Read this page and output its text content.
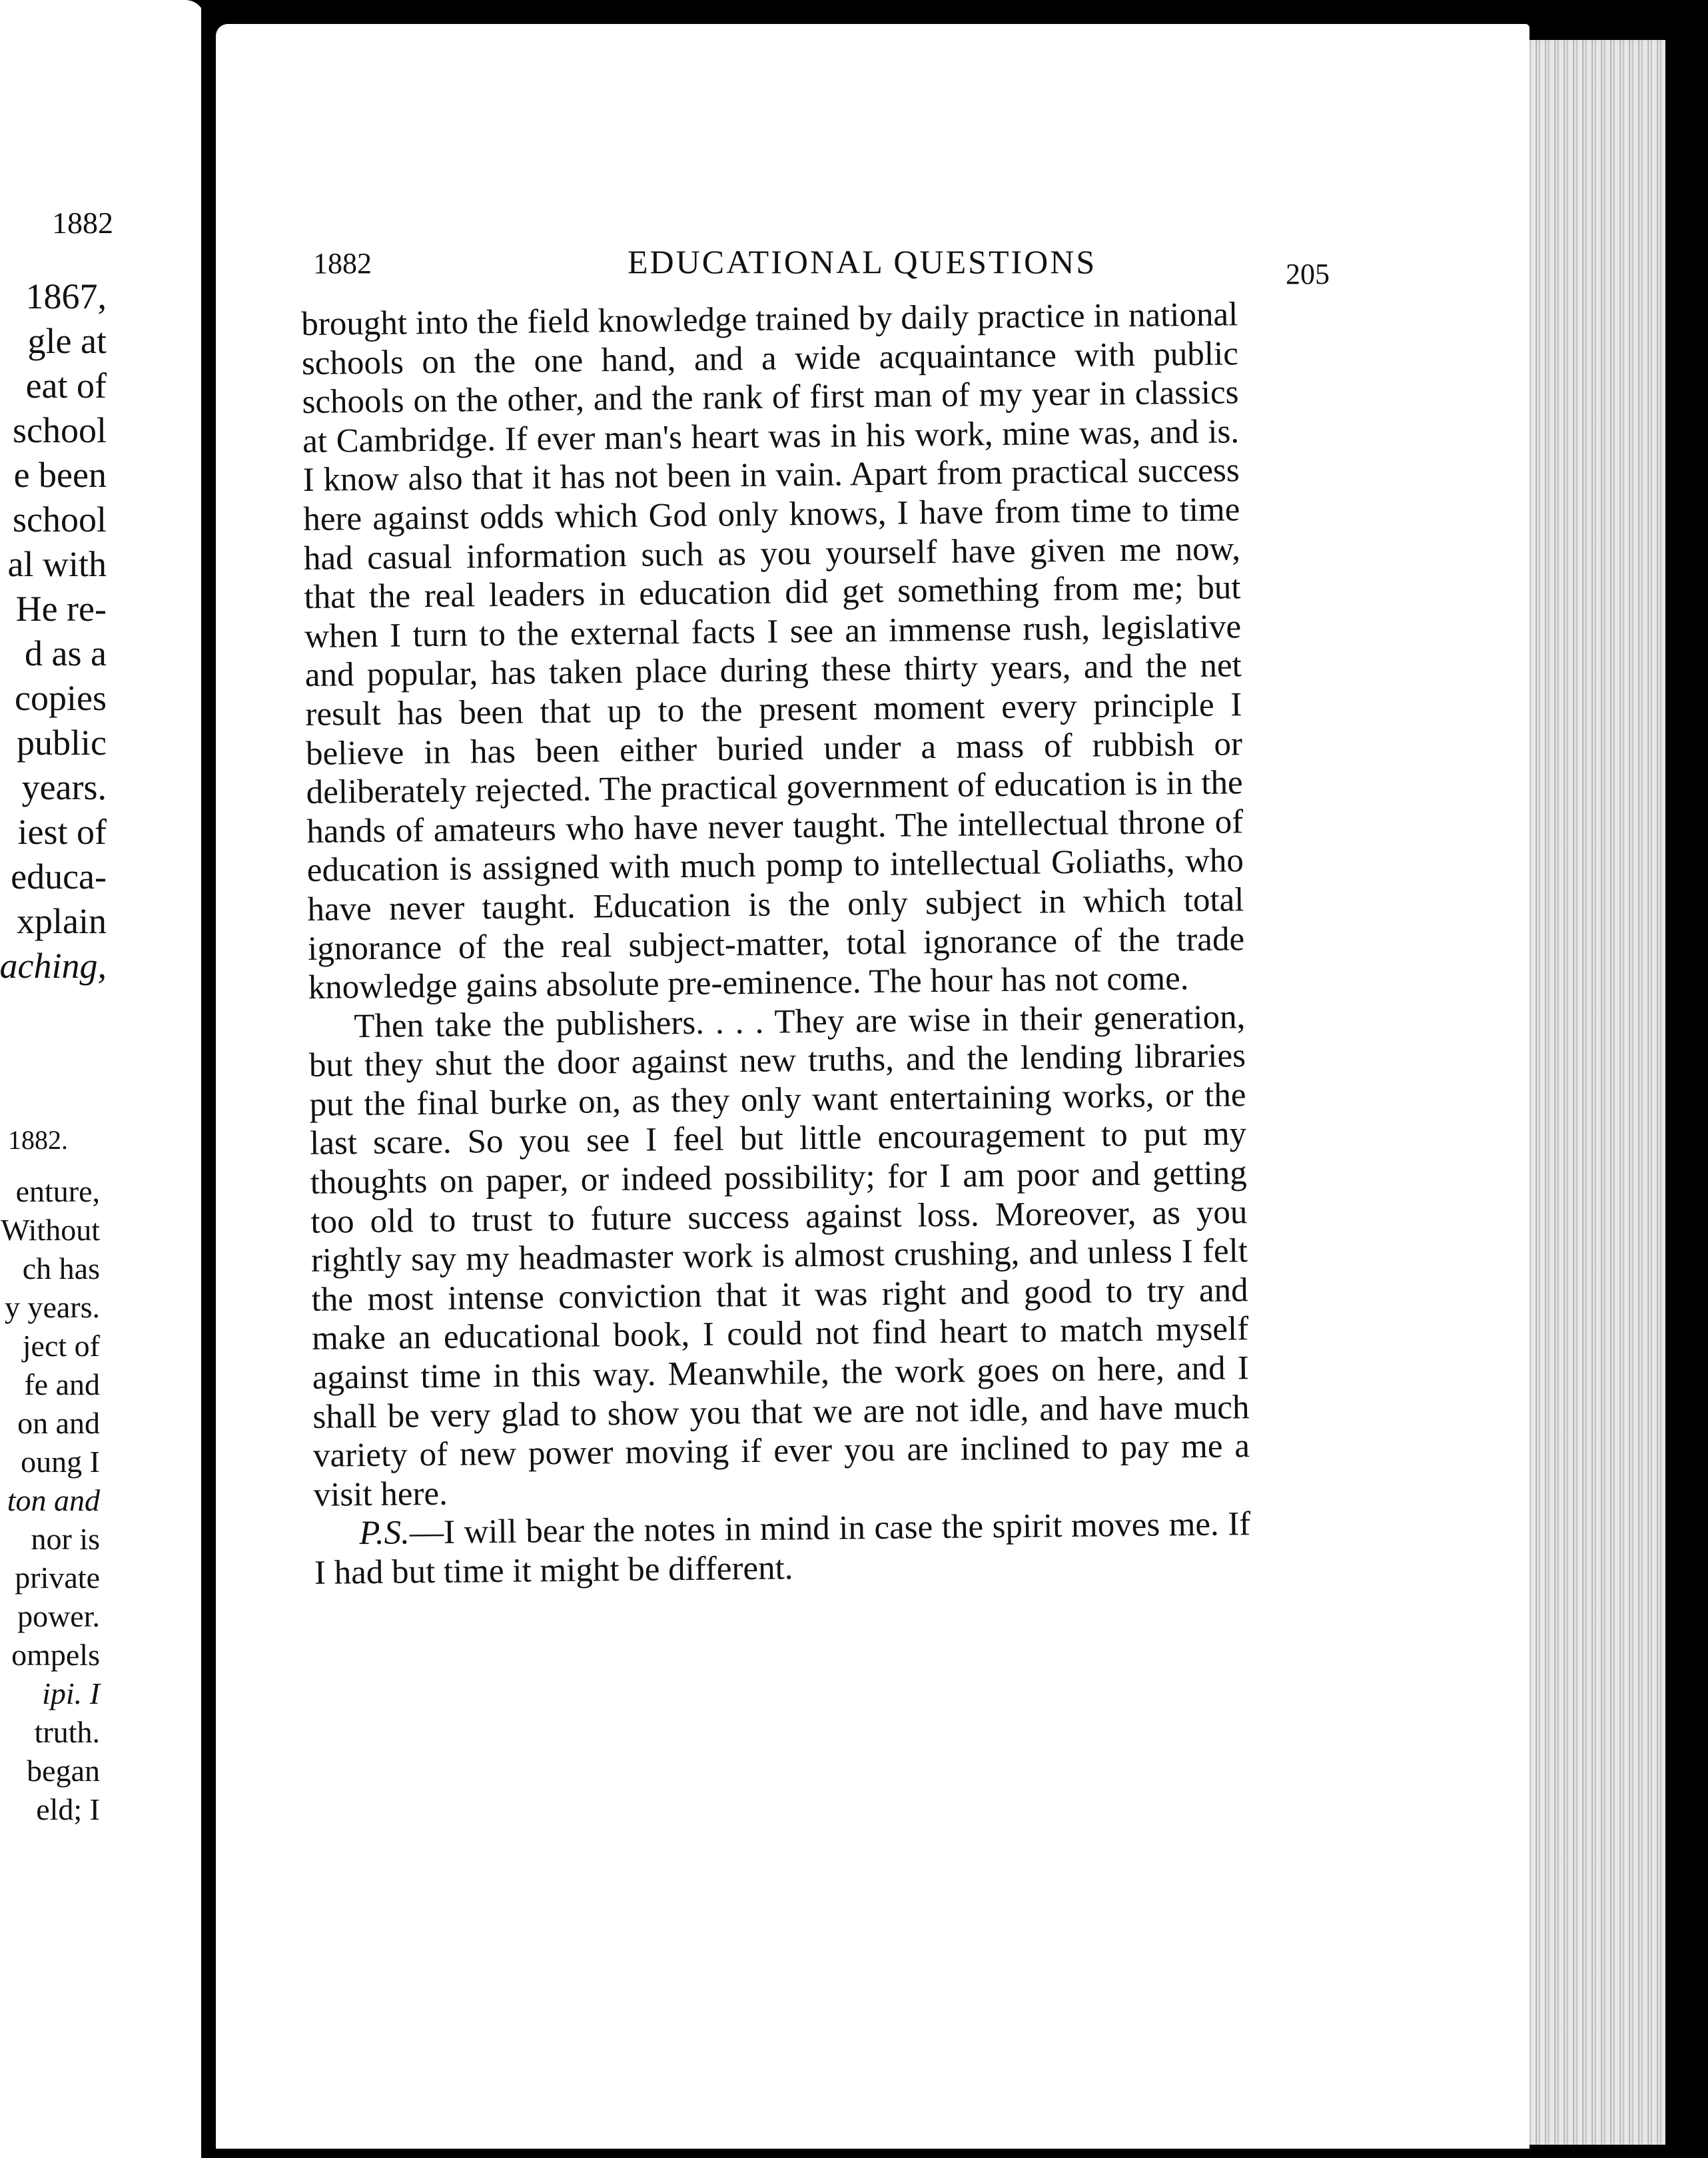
1882
1867,
gle at
eat of
school
e been
school
al with
He re-
d as a
copies
public
years.
iest of
educa-
xplain
aching,
1882.
enture,
Without
ch has
y years.
ject of
fe and
on and
oung I
ton and
nor is
private
power.
ompels
ipi. I
truth.
began
eld; I
1882	EDUCATIONAL QUESTIONS	205

brought into the field knowledge trained by daily practice in national schools on the one hand, and a wide acquaintance with public schools on the other, and the rank of first man of my year in classics at Cambridge. If ever man's heart was in his work, mine was, and is. I know also that it has not been in vain. Apart from practical success here against odds which God only knows, I have from time to time had casual information such as you yourself have given me now, that the real leaders in education did get something from me; but when I turn to the external facts I see an immense rush, legislative and popular, has taken place during these thirty years, and the net result has been that up to the present moment every principle I believe in has been either buried under a mass of rubbish or deliberately rejected. The practical government of education is in the hands of amateurs who have never taught. The intellectual throne of education is assigned with much pomp to intellectual Goliaths, who have never taught. Education is the only subject in which total ignorance of the real subject-matter, total ignorance of the trade knowledge gains absolute pre-eminence. The hour has not come.

Then take the publishers. . . . They are wise in their generation, but they shut the door against new truths, and the lending libraries put the final burke on, as they only want entertaining works, or the last scare. So you see I feel but little encouragement to put my thoughts on paper, or indeed possibility; for I am poor and getting too old to trust to future success against loss. Moreover, as you rightly say my headmaster work is almost crushing, and unless I felt the most intense conviction that it was right and good to try and make an educational book, I could not find heart to match myself against time in this way. Meanwhile, the work goes on here, and I shall be very glad to show you that we are not idle, and have much variety of new power moving if ever you are inclined to pay me a visit here.

P.S.—I will bear the notes in mind in case the spirit moves me. If I had but time it might be different.
